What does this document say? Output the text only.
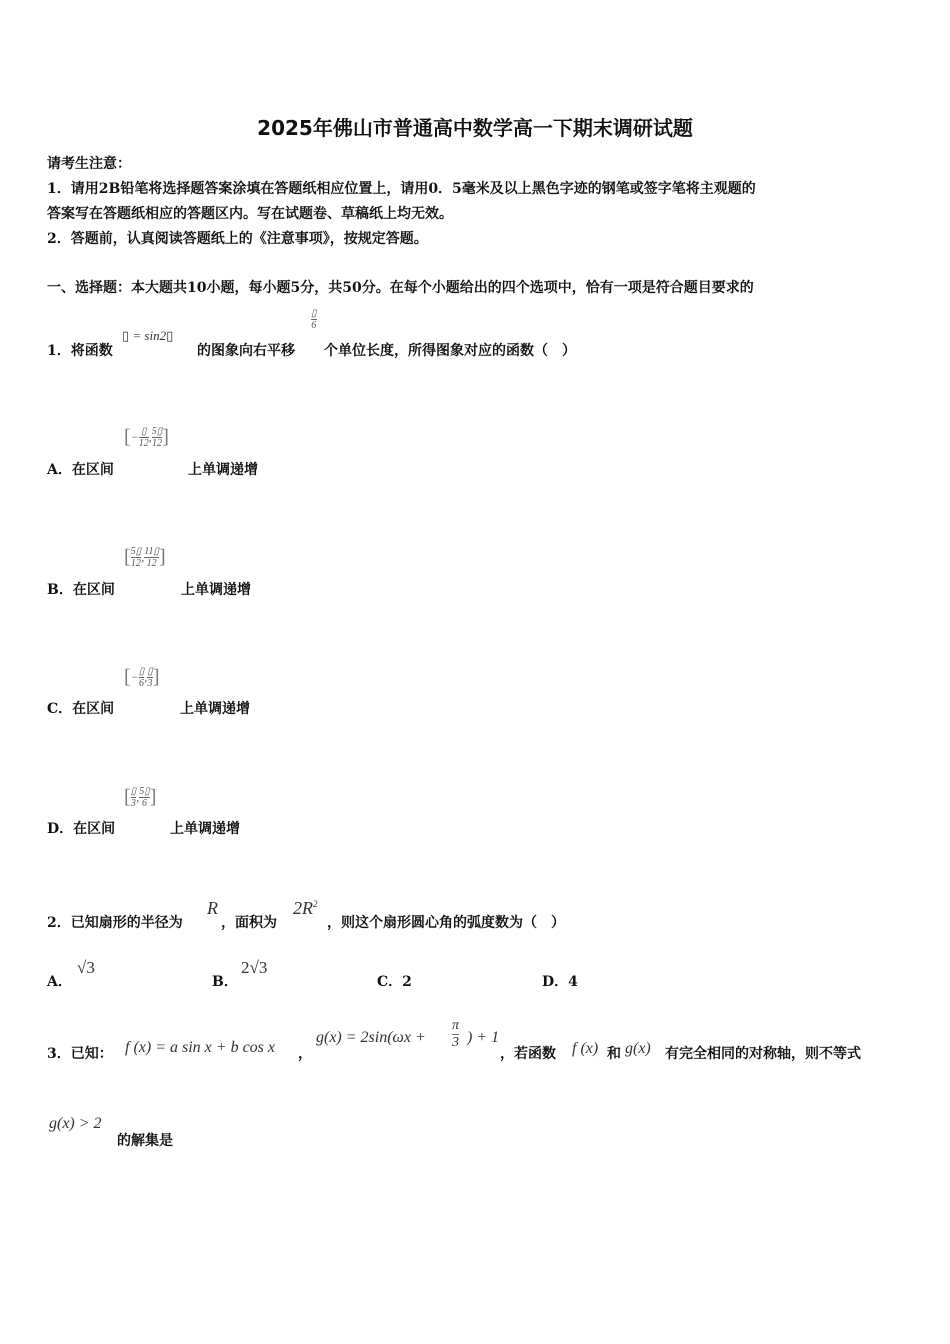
2025年佛山市普通高中数学高一下期末调研试题
请考生注意：
1．请用2B铅笔将选择题答案涂填在答题纸相应位置上，请用0．5毫米及以上黑色字迹的钢笔或签字笔将主观题的
答案写在答题纸相应的答题区内。写在试题卷、草稿纸上均无效。
2．答题前，认真阅读答题纸上的《注意事项》，按规定答题。
一、选择题：本大题共10小题，每小题5分，共50分。在每个小题给出的四个选项中，恰有一项是符合题目要求的
1．将函数
▯ = sin2▯
的图象向右平移
$\frac{▯}{6}$
个单位长度，所得图象对应的函数（　）
[ − $\frac{▯}{12}$ , $\frac{5▯}{12}$ ]
A．在区间	上单调递增
[ $\frac{5▯}{12}$ , $\frac{11▯}{12}$ ]
B．在区间	上单调递增
[ − $\frac{▯}{6}$ , $\frac{▯}{3}$ ]
C．在区间	上单调递增
[ $\frac{▯}{3}$ , $\frac{5▯}{6}$ ]
D．在区间	上单调递增
2．已知扇形的半径为
R
，面积为
$2R^2$
，则这个扇形圆心角的弧度数为（　）
A．
√3
B．
2√3
C．2	D．4
3．已知： f (x) = a sin x + b cos x ，
$g(x) = 2\sin(\omega x + \frac{\pi}{3}$ ) + 1
，若函数 f (x) 和 g(x) 有完全相同的对称轴，则不等式
g(x) > 2
的解集是
